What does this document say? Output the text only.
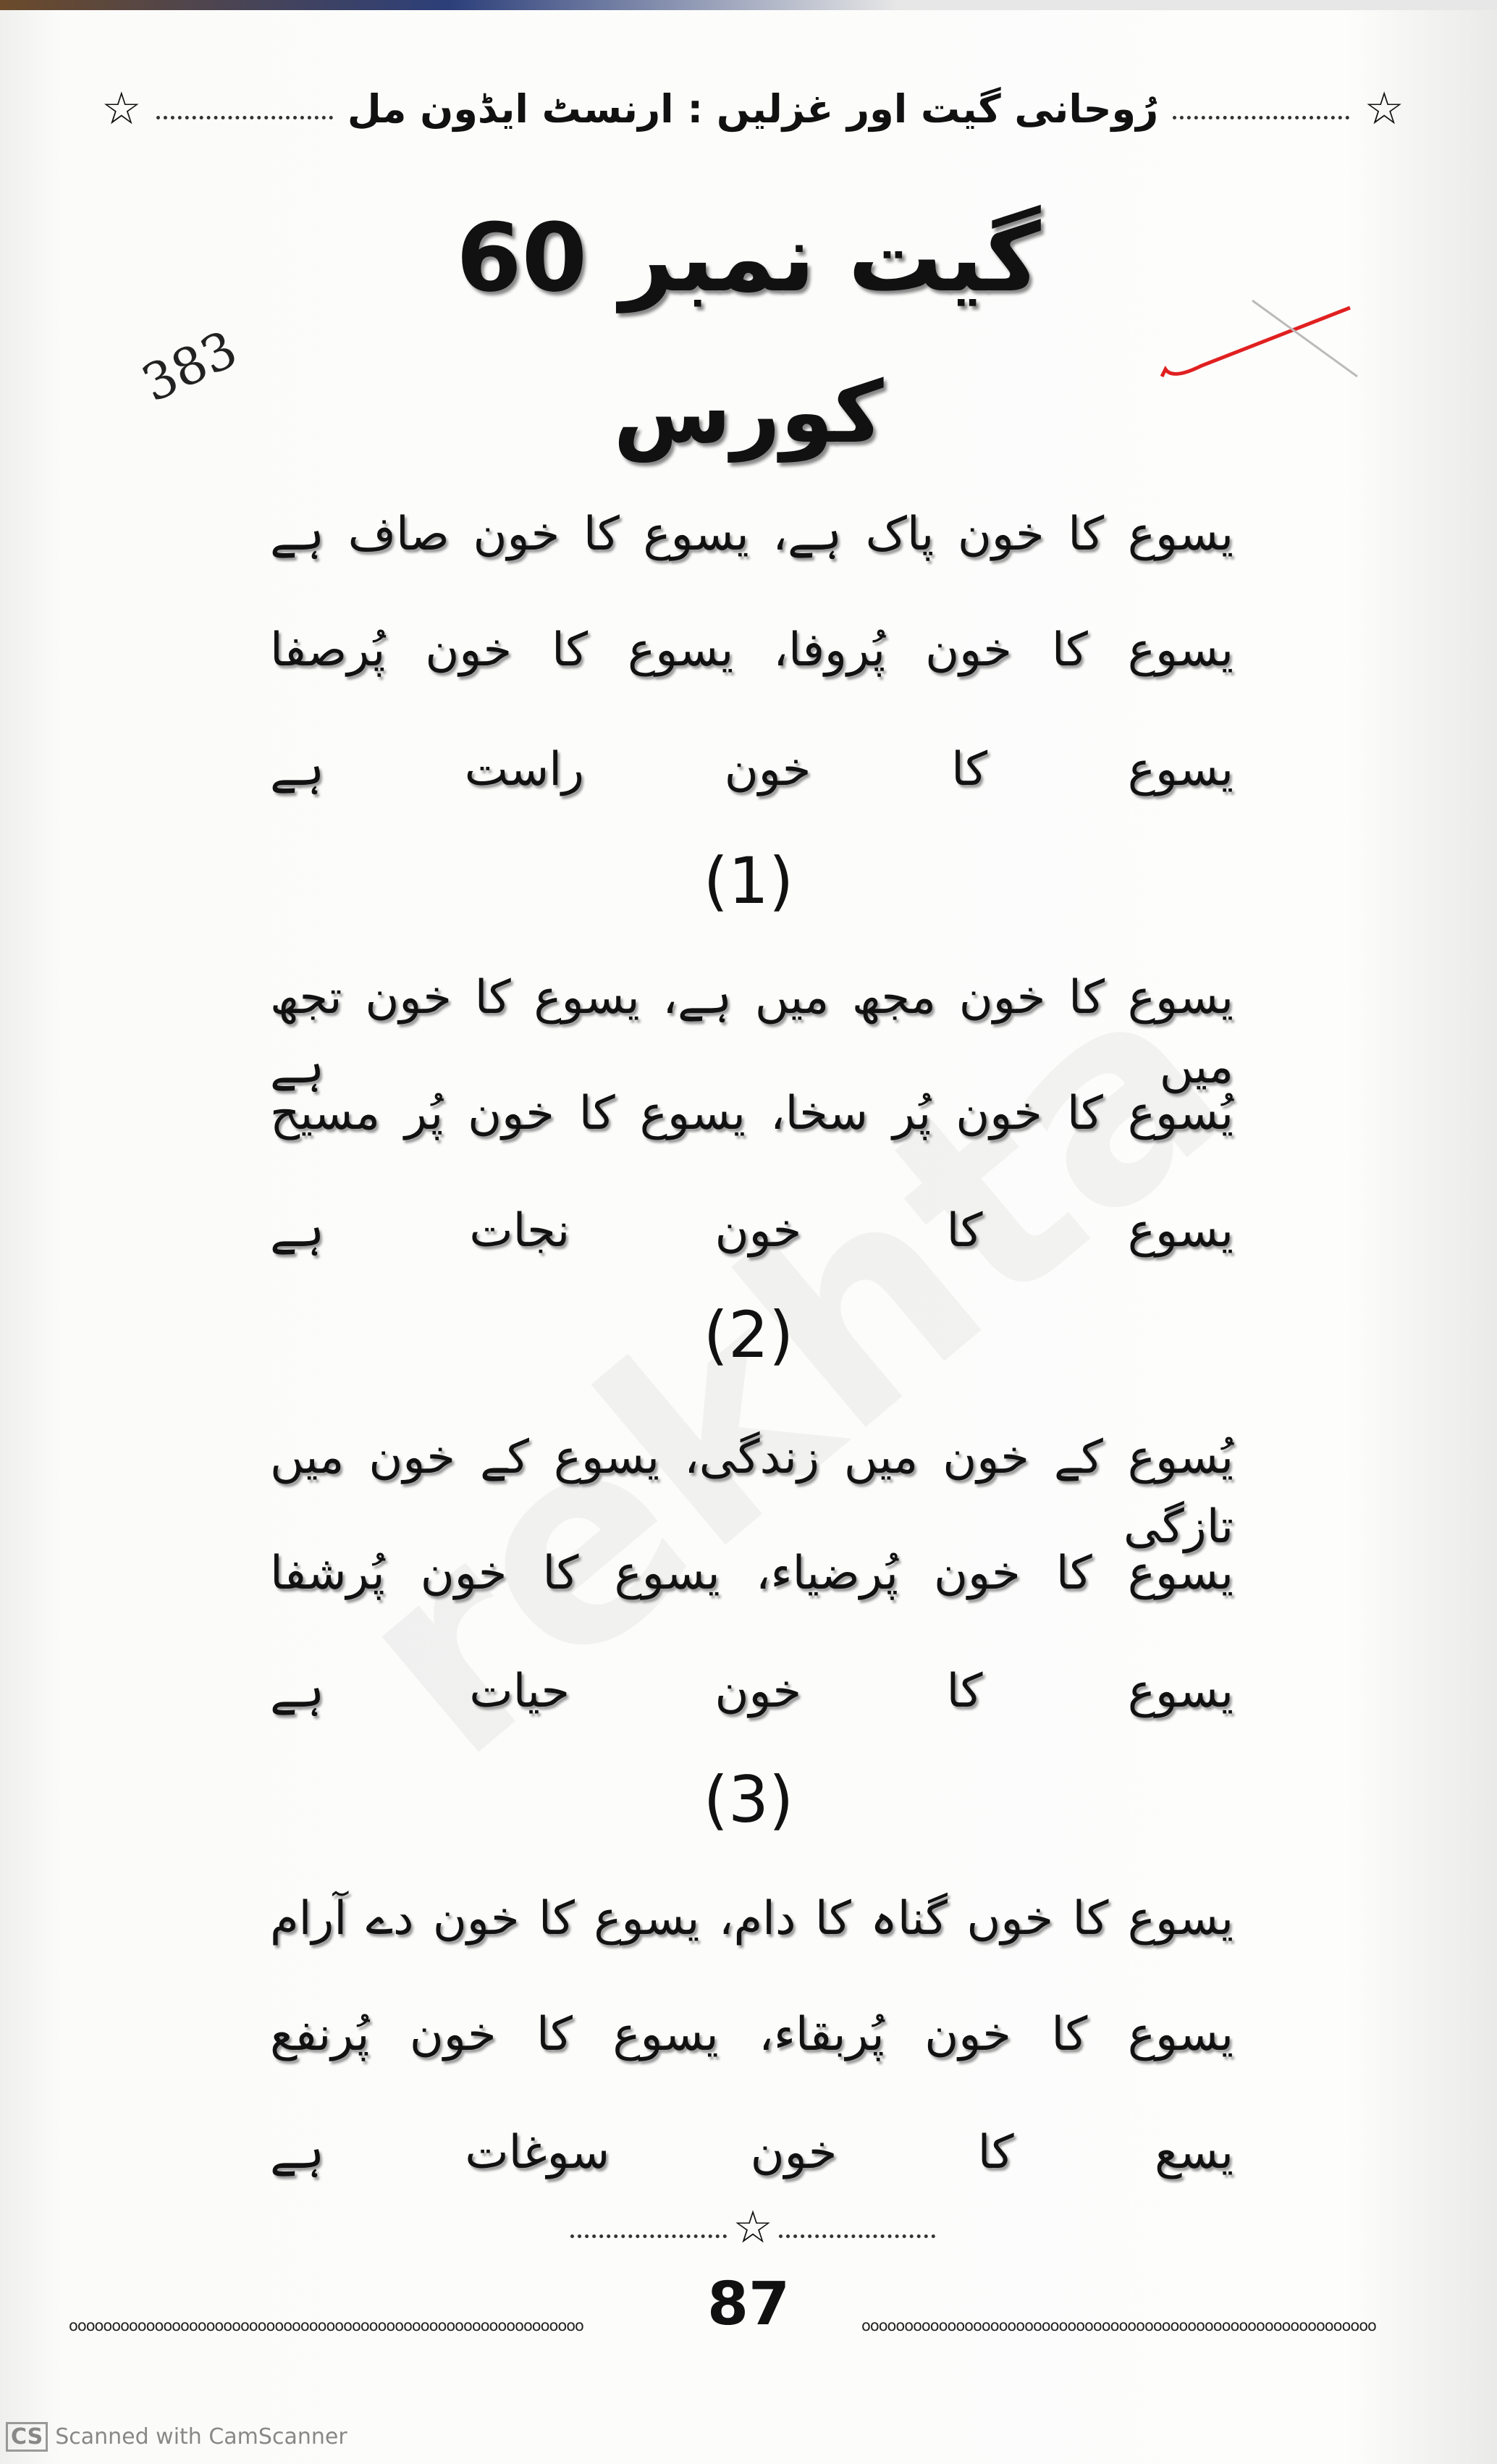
☆
رُوحانی گیت اور غزلیں : ارنسٹ ایڈون مل
☆
گیت نمبر 60
کورس
383
یسوع کا خون پاک ہے، یسوع کا خون صاف ہے
یسوع کا خون پُروفا، یسوع کا خون پُرصفا
یسوع کا خون راست ہے
(1)
یسوع کا خون مجھ میں ہے، یسوع کا خون تجھ میں ہے
یُسوع کا خون پُر سخا، یسوع کا خون پُر مسیح
یسوع کا خون نجات ہے
(2)
یُسوع کے خون میں زندگی، یسوع کے خون میں تازگی
یسوع کا خون پُرضیاء، یسوع کا خون پُرشفا
یسوع کا خون حیات ہے
(3)
یسوع کا خوں گناہ کا دام، یسوع کا خون دے آرام
یسوع کا خون پُربقاء، یسوع کا خون پُرنفع
یسع کا خون سوغات ہے
☆
87
oooooooooooooooooooooooooooooooooooooooooooooooooooooooooooo	oooooooooooooooooooooooooooooooooooooooooooooooooooooooooooo
CS Scanned with CamScanner
